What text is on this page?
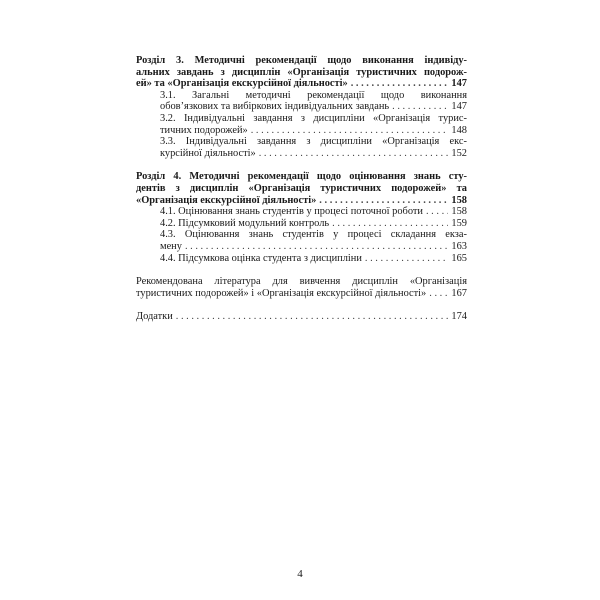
Розділ 3. Методичні рекомендації щодо виконання індивіду-
альних завдань з дисциплін «Організація туристичних подорож-
ей» та «Організація екскурсійної діяльності» . . .	147
3.1. Загальні методичні рекомендації щодо виконання
обов’язкових та вибіркових індивідуальних завдань . . .	147
3.2. Індивідуальні завдання з дисципліни «Організація турис-
тичних подорожей» . . .	148
3.3. Індивідуальні завдання з дисципліни «Організація екс-
курсійної діяльності» . . .	152
Розділ 4. Методичні рекомендації щодо оцінювання знань сту-
дентів з дисциплін «Організація туристичних подорожей» та
«Організація екскурсійної діяльності» . . .	158
4.1. Оцінювання знань студентів у процесі поточної роботи . . .	158
4.2. Підсумковий модульний контроль . . .	159
4.3. Оцінювання знань студентів у процесі складання екза-
мену . . .	163
4.4. Підсумкова оцінка студента з дисципліни . . .	165
Рекомендована література для вивчення дисциплін «Організація
туристичних подорожей» і «Організація екскурсійної діяльності» . . . 167
Додатки . . .	174
4
